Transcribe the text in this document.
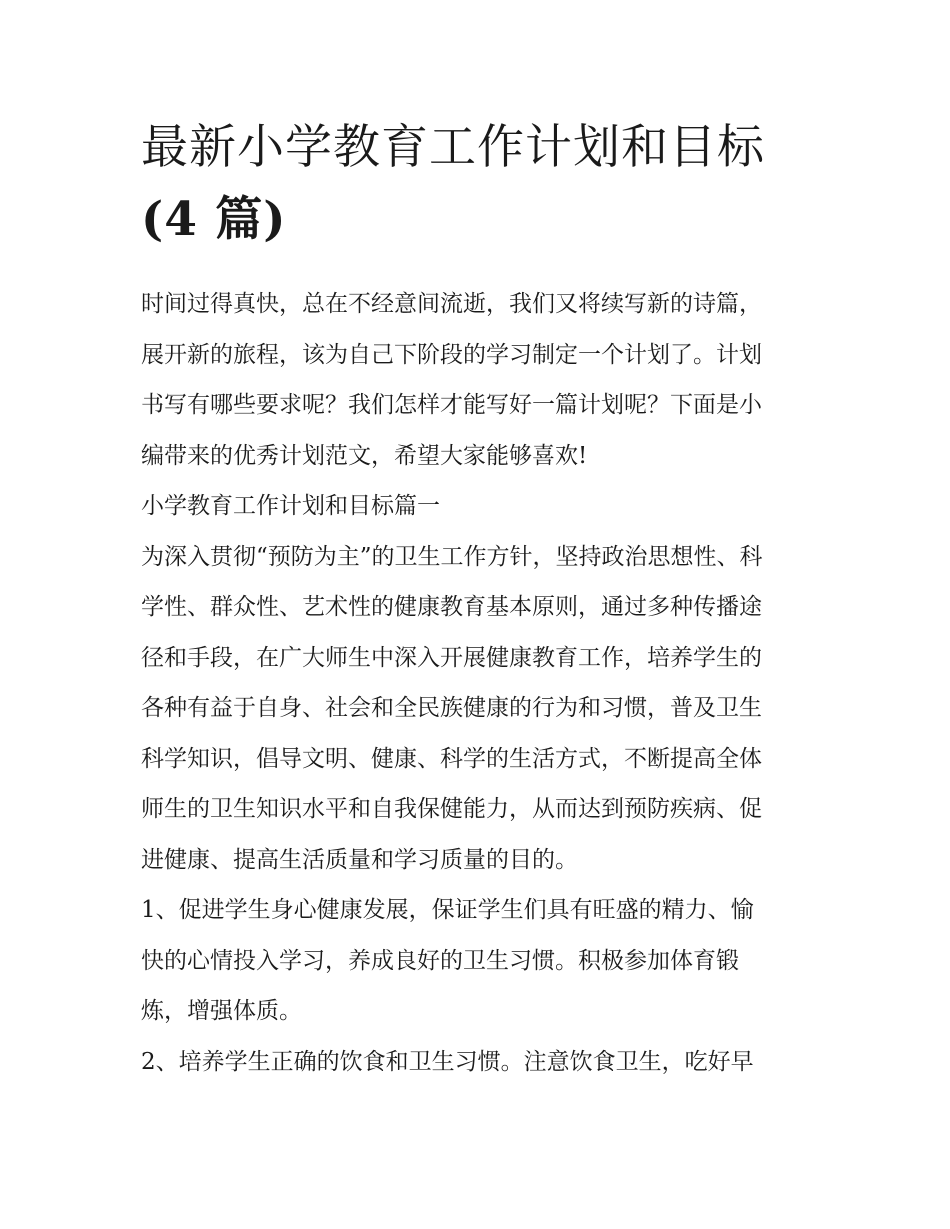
最新小学教育工作计划和目标
(4 篇)
时间过得真快，总在不经意间流逝，我们又将续写新的诗篇，
展开新的旅程，该为自己下阶段的学习制定一个计划了。计划
书写有哪些要求呢？我们怎样才能写好一篇计划呢？下面是小
编带来的优秀计划范文，希望大家能够喜欢!
小学教育工作计划和目标篇一
为深入贯彻“预防为主”的卫生工作方针，坚持政治思想性、科
学性、群众性、艺术性的健康教育基本原则，通过多种传播途
径和手段，在广大师生中深入开展健康教育工作，培养学生的
各种有益于自身、社会和全民族健康的行为和习惯，普及卫生
科学知识，倡导文明、健康、科学的生活方式，不断提高全体
师生的卫生知识水平和自我保健能力，从而达到预防疾病、促
进健康、提高生活质量和学习质量的目的。
1、促进学生身心健康发展，保证学生们具有旺盛的精力、愉
快的心情投入学习，养成良好的卫生习惯。积极参加体育锻
炼，增强体质。
2、培养学生正确的饮食和卫生习惯。注意饮食卫生，吃好早
